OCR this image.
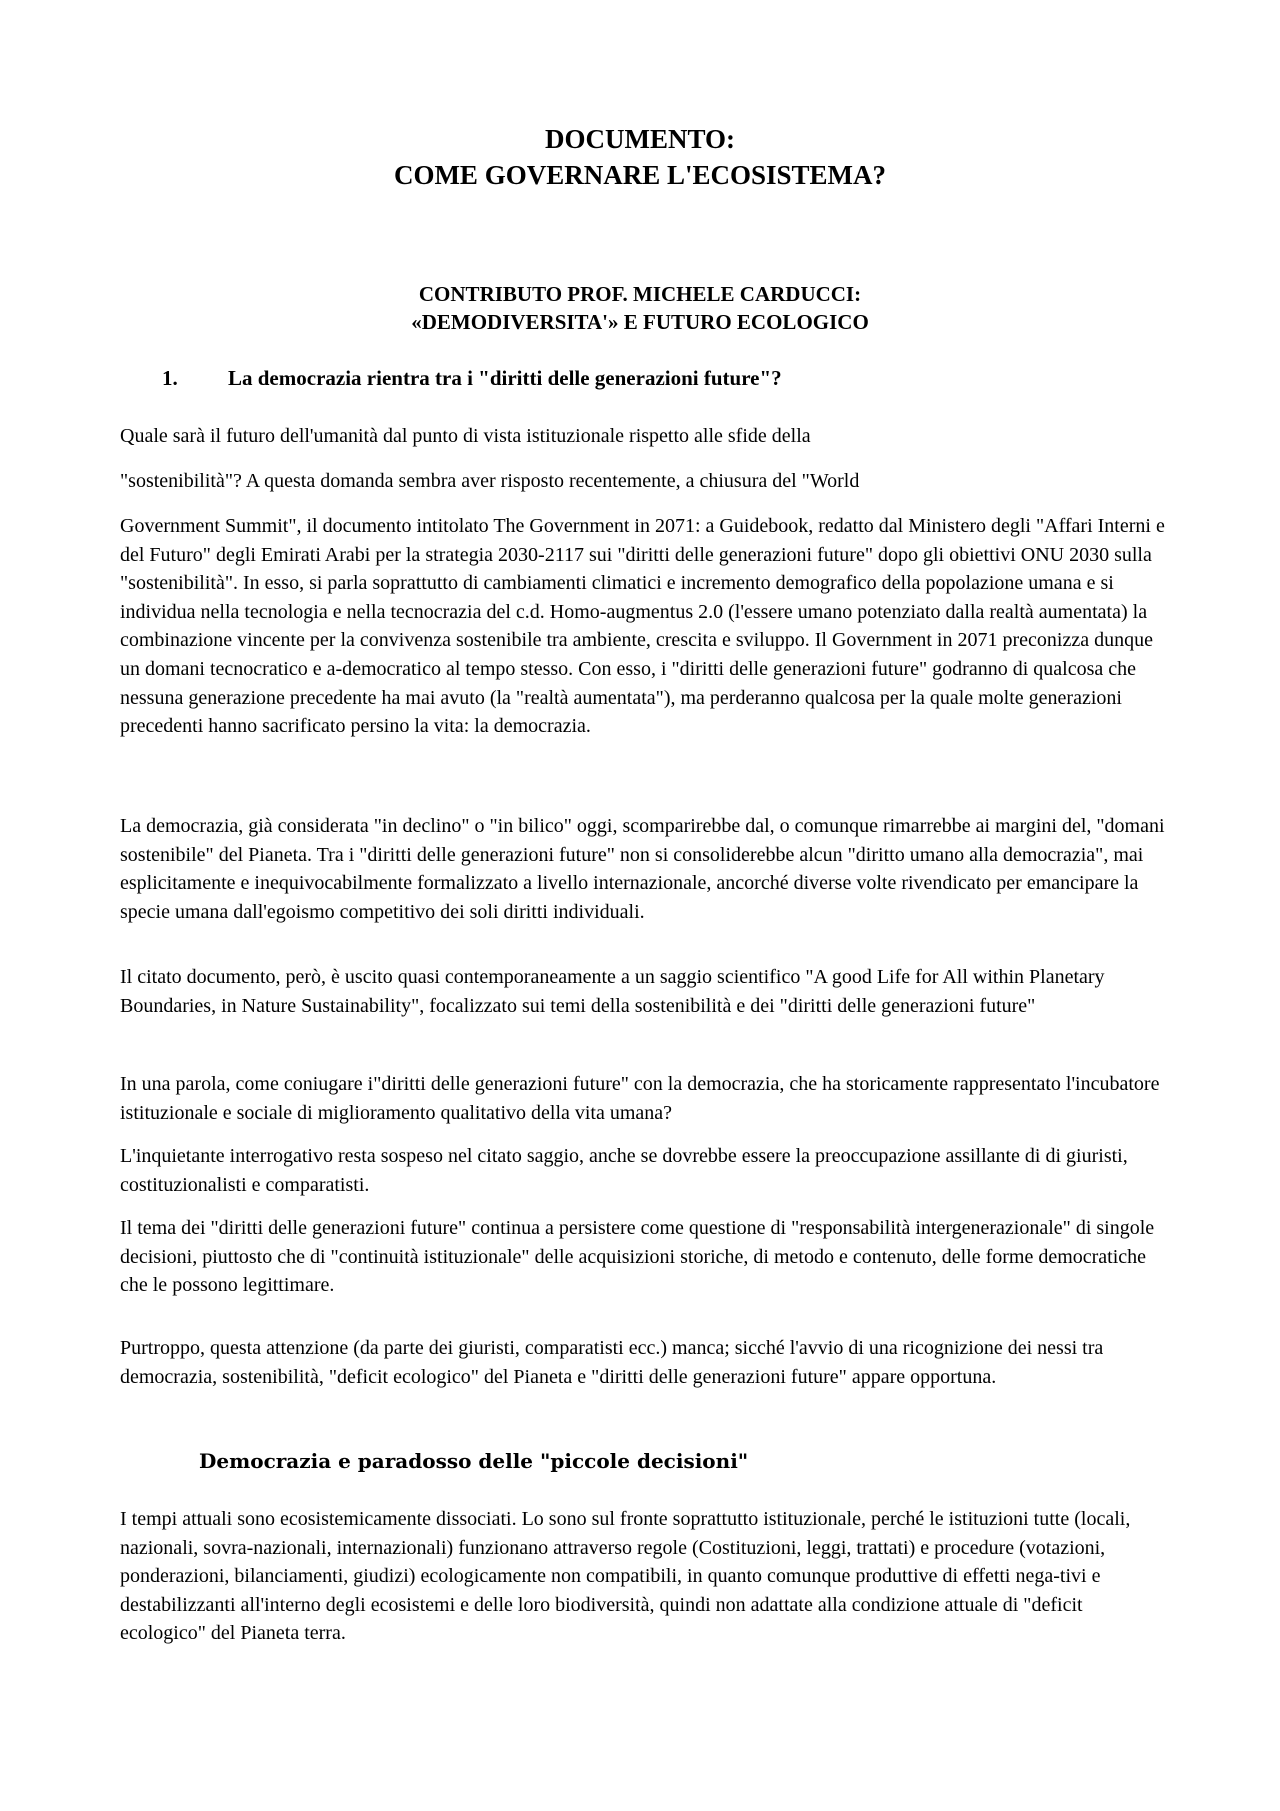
DOCUMENTO:
COME GOVERNARE L'ECOSISTEMA?
CONTRIBUTO PROF. MICHELE CARDUCCI:
«DEMODIVERSITA'» E FUTURO ECOLOGICO
1. La democrazia rientra tra i "diritti delle generazioni future"?

Quale sarà il futuro dell'umanità dal punto di vista istituzionale rispetto alle sfide della

"sostenibilità"? A questa domanda sembra aver risposto recentemente, a chiusura del "World

Government Summit", il documento intitolato The Government in 2071: a Guidebook, redatto dal Ministero degli "Affari Interni e del Futuro" degli Emirati Arabi per la strategia 2030-2117 sui "diritti delle generazioni future" dopo gli obiettivi ONU 2030 sulla "sostenibilità". In esso, si parla soprattutto di cambiamenti climatici e incremento demografico della popolazione umana e si individua nella tecnologia e nella tecnocrazia del c.d. Homo-augmentus 2.0 (l'essere umano potenziato dalla realtà aumentata) la combinazione vincente per la convivenza sostenibile tra ambiente, crescita e sviluppo. Il Government in 2071 preconizza dunque un domani tecnocratico e a-democratico al tempo stesso. Con esso, i "diritti delle generazioni future" godranno di qualcosa che nessuna generazione precedente ha mai avuto (la "realtà aumentata"), ma perderanno qualcosa per la quale molte generazioni precedenti hanno sacrificato persino la vita: la democrazia.

La democrazia, già considerata "in declino" o "in bilico" oggi, scomparirebbe dal, o comunque rimarrebbe ai margini del, "domani sostenibile" del Pianeta. Tra i "diritti delle generazioni future" non si consoliderebbe alcun "diritto umano alla democrazia", mai esplicitamente e inequivocabilmente formalizzato a livello internazionale, ancorché diverse volte rivendicato per emancipare la specie umana dall'egoismo competitivo dei soli diritti individuali.

Il citato documento, però, è uscito quasi contemporaneamente a un saggio scientifico "A good Life for All within Planetary Boundaries, in Nature Sustainability", focalizzato sui temi della sostenibilità e dei "diritti delle generazioni future"

In una parola, come coniugare i"diritti delle generazioni future" con la democrazia, che ha storicamente rappresentato l'incubatore istituzionale e sociale di miglioramento qualitativo della vita umana?

L'inquietante interrogativo resta sospeso nel citato saggio, anche se dovrebbe essere la preoccupazione assillante di di giuristi, costituzionalisti e comparatisti.

Il tema dei "diritti delle generazioni future" continua a persistere come questione di "responsabilità intergenerazionale" di singole decisioni, piuttosto che di "continuità istituzionale" delle acquisizioni storiche, di metodo e contenuto, delle forme democratiche che le possono legittimare.

Purtroppo, questa attenzione (da parte dei giuristi, comparatisti ecc.) manca; sicché l'avvio di una ricognizione dei nessi tra democrazia, sostenibilità, "deficit ecologico" del Pianeta e "diritti delle generazioni future" appare opportuna.

Democrazia e paradosso delle "piccole decisioni"

I tempi attuali sono ecosistemicamente dissociati. Lo sono sul fronte soprattutto istituzionale, perché le istituzioni tutte (locali, nazionali, sovra-nazionali, internazionali) funzionano attraverso regole (Costituzioni, leggi, trattati) e procedure (votazioni, ponderazioni, bilanciamenti, giudizi) ecologicamente non compatibili, in quanto comunque produttive di effetti nega-tivi e destabilizzanti all'interno degli ecosistemi e delle loro biodiversità, quindi non adattate alla condizione attuale di "deficit ecologico" del Pianeta terra.
